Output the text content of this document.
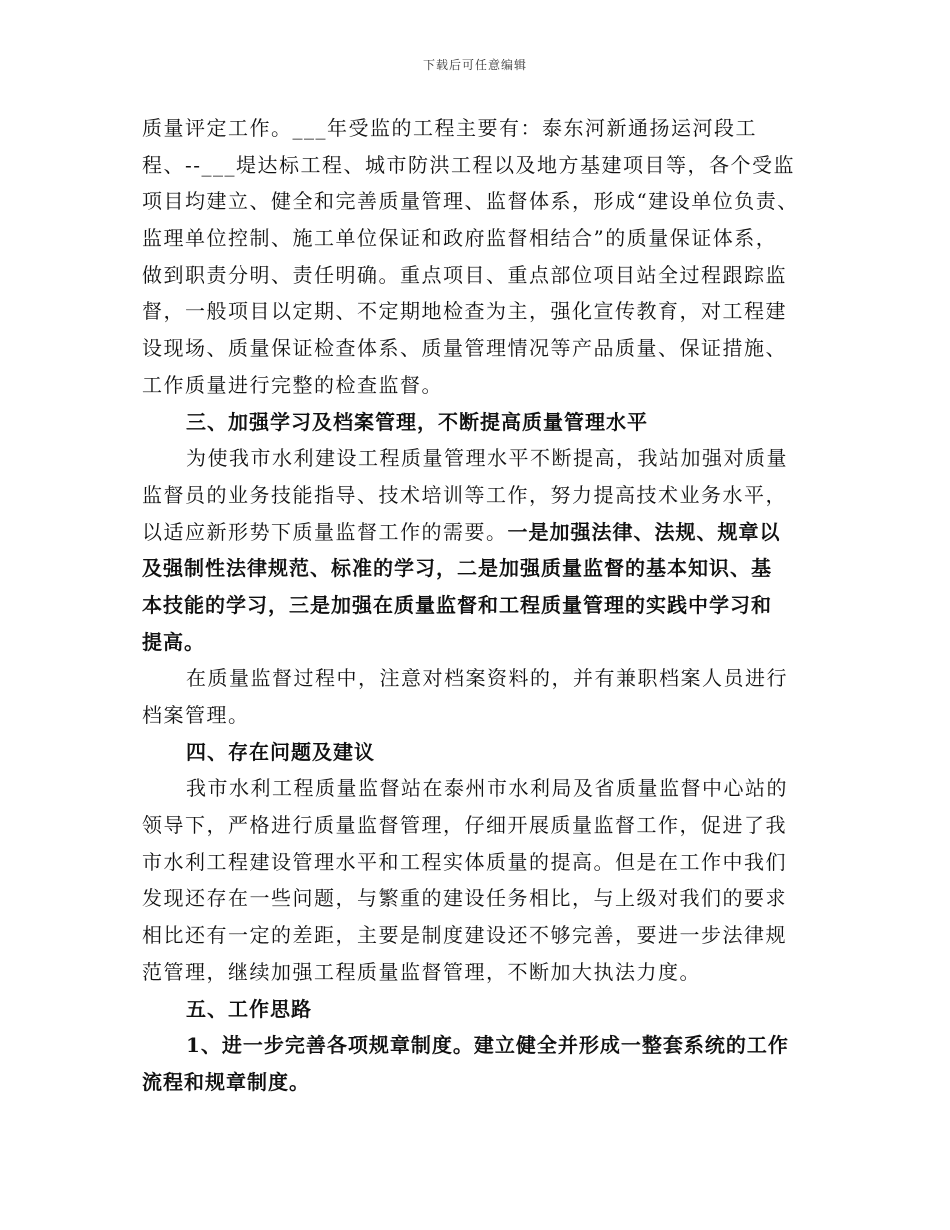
下载后可任意编辑
质量评定工作。___年受监的工程主要有：泰东河新通扬运河段工
程、--___堤达标工程、城市防洪工程以及地方基建项目等，各个受监
项目均建立、健全和完善质量管理、监督体系，形成“建设单位负责、
监理单位控制、施工单位保证和政府监督相结合”的质量保证体系，
做到职责分明、责任明确。重点项目、重点部位项目站全过程跟踪监
督，一般项目以定期、不定期地检查为主，强化宣传教育，对工程建
设现场、质量保证检查体系、质量管理情况等产品质量、保证措施、
工作质量进行完整的检查监督。
三、加强学习及档案管理，不断提高质量管理水平
为使我市水利建设工程质量管理水平不断提高，我站加强对质量
监督员的业务技能指导、技术培训等工作，努力提高技术业务水平，
以适应新形势下质量监督工作的需要。一是加强法律、法规、规章以
及强制性法律规范、标准的学习，二是加强质量监督的基本知识、基
本技能的学习，三是加强在质量监督和工程质量管理的实践中学习和
提高。
在质量监督过程中，注意对档案资料的，并有兼职档案人员进行
档案管理。
四、存在问题及建议
我市水利工程质量监督站在泰州市水利局及省质量监督中心站的
领导下，严格进行质量监督管理，仔细开展质量监督工作，促进了我
市水利工程建设管理水平和工程实体质量的提高。但是在工作中我们
发现还存在一些问题，与繁重的建设任务相比，与上级对我们的要求
相比还有一定的差距，主要是制度建设还不够完善，要进一步法律规
范管理，继续加强工程质量监督管理，不断加大执法力度。
五、工作思路
1、进一步完善各项规章制度。建立健全并形成一整套系统的工作
流程和规章制度。
